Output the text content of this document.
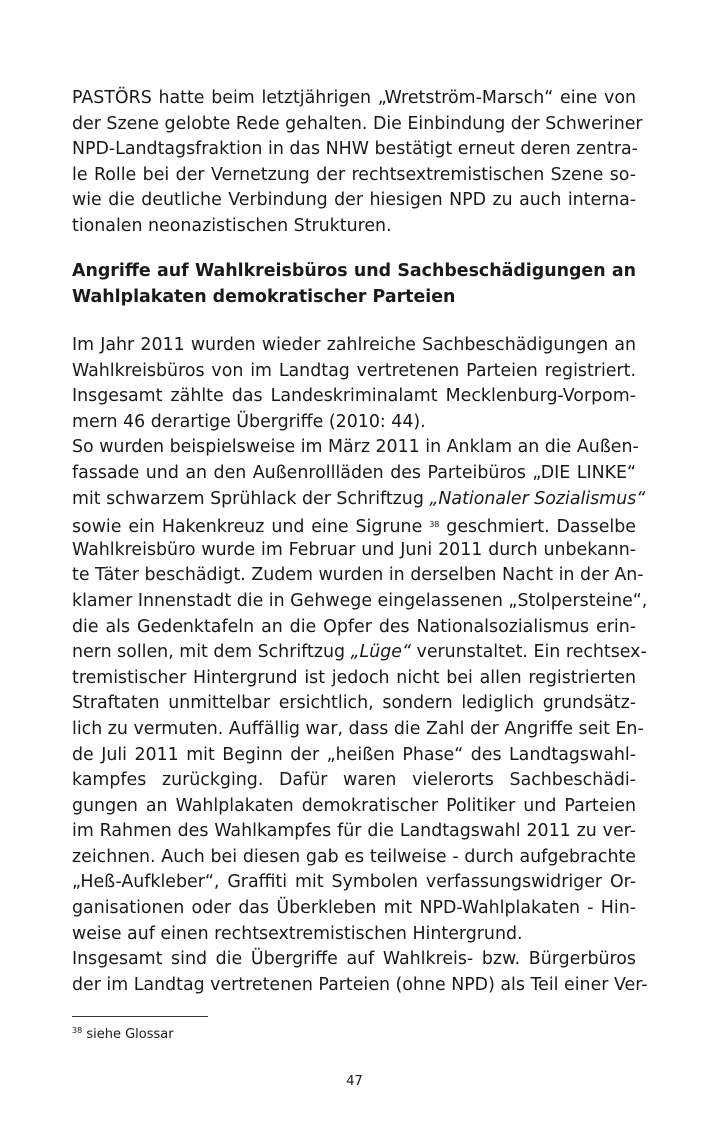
PASTÖRS hatte beim letztjährigen „Wretström-Marsch“ eine von
der Szene gelobte Rede gehalten. Die Einbindung der Schweriner
NPD-Landtagsfraktion in das NHW bestätigt erneut deren zentra-
le Rolle bei der Vernetzung der rechtsextremistischen Szene so-
wie die deutliche Verbindung der hiesigen NPD zu auch interna-
tionalen neonazistischen Strukturen.
Angriffe auf Wahlkreisbüros und Sachbeschädigungen an
Wahlplakaten demokratischer Parteien
Im Jahr 2011 wurden wieder zahlreiche Sachbeschädigungen an
Wahlkreisbüros von im Landtag vertretenen Parteien registriert.
Insgesamt zählte das Landeskriminalamt Mecklenburg-Vorpom-
mern 46 derartige Übergriffe (2010: 44).
So wurden beispielsweise im März 2011 in Anklam an die Außen-
fassade und an den Außenrollläden des Parteibüros „DIE LINKE“
mit schwarzem Sprühlack der Schriftzug „Nationaler Sozialismus“
sowie ein Hakenkreuz und eine Sigrune $^{38}$ geschmiert. Dasselbe
Wahlkreisbüro wurde im Februar und Juni 2011 durch unbekann-
te Täter beschädigt. Zudem wurden in derselben Nacht in der An-
klamer Innenstadt die in Gehwege eingelassenen „Stolpersteine“,
die als Gedenktafeln an die Opfer des Nationalsozialismus erin-
nern sollen, mit dem Schriftzug „Lüge“ verunstaltet. Ein rechtsex-
tremistischer Hintergrund ist jedoch nicht bei allen registrierten
Straftaten unmittelbar ersichtlich, sondern lediglich grundsätz-
lich zu vermuten. Auffällig war, dass die Zahl der Angriffe seit En-
de Juli 2011 mit Beginn der „heißen Phase“ des Landtagswahl-
kampfes zurückging. Dafür waren vielerorts Sachbeschädi-
gungen an Wahlplakaten demokratischer Politiker und Parteien
im Rahmen des Wahlkampfes für die Landtagswahl 2011 zu ver-
zeichnen. Auch bei diesen gab es teilweise - durch aufgebrachte
„Heß-Aufkleber“, Graffiti mit Symbolen verfassungswidriger Or-
ganisationen oder das Überkleben mit NPD-Wahlplakaten - Hin-
weise auf einen rechtsextremistischen Hintergrund.
Insgesamt sind die Übergriffe auf Wahlkreis- bzw. Bürgerbüros
der im Landtag vertretenen Parteien (ohne NPD) als Teil einer Ver-
$^{38}$ siehe Glossar
47
